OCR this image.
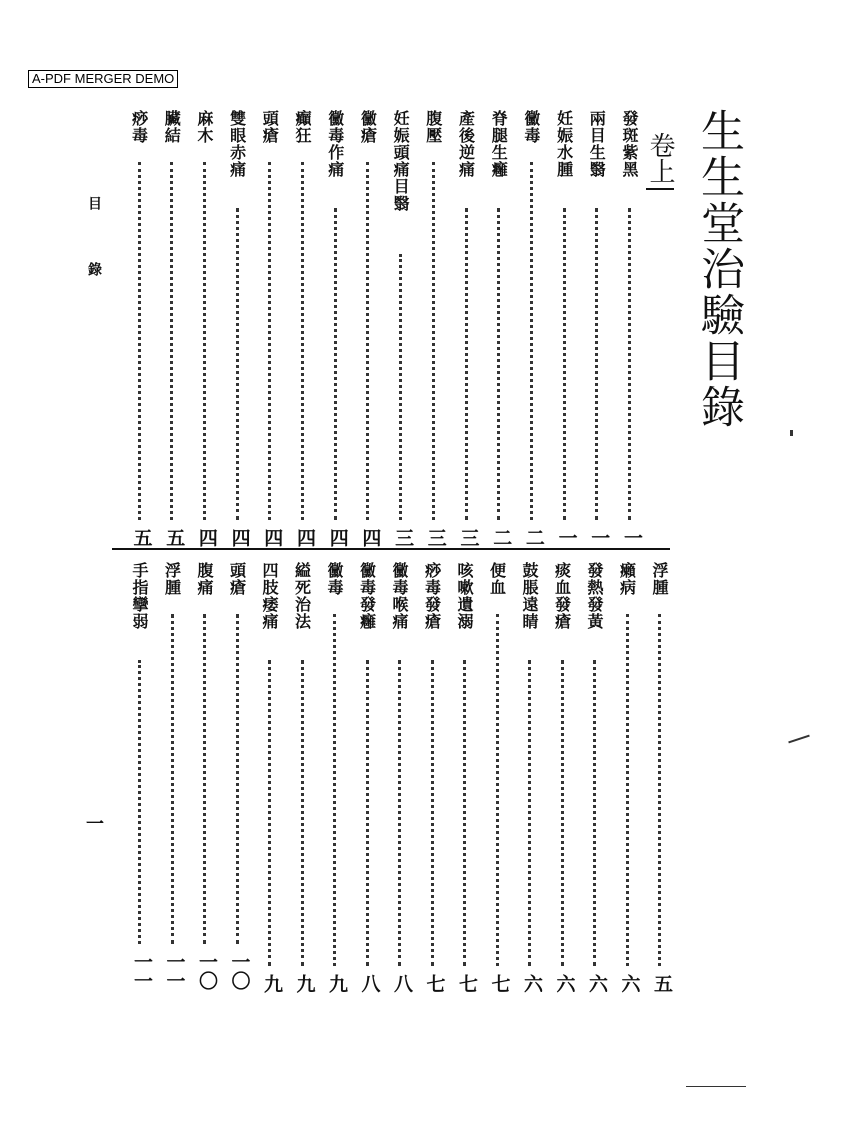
A-PDF MERGER DEMO
生生堂治驗目錄
卷上
目
錄
一
發斑紫黑
一
兩目生翳
一
妊娠水腫
一
黴毒
二
脊腿生癰
二
產後逆痛
三
腹壓
三
妊娠頭痛目翳
三
黴瘡
四
黴毒作痛
四
癲狂
四
頭瘡
四
雙眼赤痛
四
麻木
四
臟結
五
痧毒
五
浮腫
五
癩病
六
發熱發黃
六
痰血發瘡
六
鼓脹遠睛
六
便血
七
咳嗽遺溺
七
痧毒發瘡
七
黴毒喉痛
八
黴毒發癰
八
黴毒
九
縊死治法
九
四肢痿痛
九
頭瘡
一〇
腹痛
一〇
浮腫
一一
手指攣弱
一一
